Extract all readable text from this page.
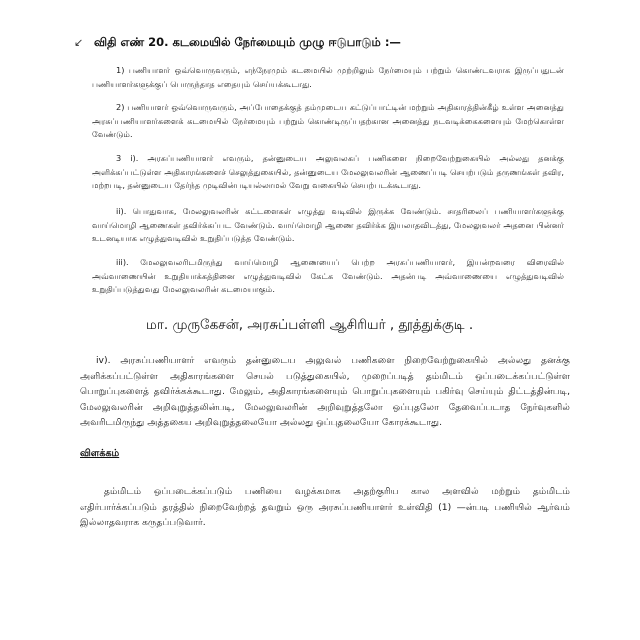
↙ விதி எண் 20. கடமையில் நேர்மையும் முழு ஈடுபாடும் :—
1) பணியாளர் ஒவ்வொருவரும், எந்நேரமும் கடமையில் முற்றிலும் நேர்மையும் பற்றும் கொண்டவராக இருப்பதுடன் பணியாளர்களுக்குப் பொருந்தாத எதையும் செய்யக்கூடாது.
2) பணியாளர் ஒவ்வொருவரும், அப்போதைக்குத் தம்முடைய கட்டுப்பாட்டின் மற்றும் அதிகாரத்தின்கீழ் உள்ள அனைத்து அரசுப்பணியாளர்களைக் கடமையில் நேர்மையும் பற்றும் கொண்டிருப்பதற்கான அனைத்து நடவடிக்கைகளையும் மேற்கொள்ள வேண்டும்.
3 i). அரசுப்பணியாளர் எவரும், தன்னுடைய அலுவலகப் பணிகளை நிறைவேற்றுகையில் அல்லது தனக்கு அளிக்கப்பட்டுள்ள அதிகாரங்களைச் செலுத்துகையில், தன்னுடைய மேலலுவலரின் ஆணைப்படி செயற்படும் தருணங்கள் தவிர, மற்றபடி, தன்னுடைய தேர்ந்த முடிவின்படியல்லாமல் வேறு வகையில் செயற்படக்கூடாது.
ii). பொதுவாக, மேலலுவலரின் கட்டளைகள் எழுத்து வடிவில் இருக்க வேண்டும். சாதரிலைப் பணியாளர்களுக்கு வாய்மொழி ஆணைகள் தவிர்க்கப்பட வேண்டும். வாய்மொழி ஆணை தவிர்க்க இயலாதவிடத்து, மேலலுவலர் அதனை பின்னர் உடனடியாக எழுத்துவடிவில் உறுதிப்படுத்த வேண்டும்.
iii). மேலலுவலரிடமிருந்து வாய்மொழி ஆணையைப் பெற்ற அரசுப்பணியாளர், இயன்றவரை விரைவில் அவ்வாணையின் உறுதியாக்கத்தினை எழுத்துவடிவில் கேட்க வேண்டும். அதன்படி அவ்வாணையை எழுத்துவடிவில் உறுதிப்படுத்துவது மேலலுவலரின் கடமையாகும்.
மா. முருகேசன், அரசுப்பள்ளி ஆசிரியர் , தூத்துக்குடி .
iv). அரசுப்பணியாளர் எவரும் தன்னுடைய அலுவல் பணிகளை நிறைவேற்றுகையில் அல்லது தனக்கு அளிக்கப்பட்டுள்ள அதிகாரங்களை செயல் படுத்துகையில், முறைப்படித் தம்மிடம் ஒப்படைக்கப்பட்டுள்ள பொறுப்புகளைத் தவிர்க்கக்கூடாது. மேலும், அதிகாரங்களையும் பொறுப்புகளையும் பகிர்வு செய்யும் திட்டத்தின்படி, மேலலுவலரின் அறிவுறுத்தலின்படி, மேலலுவலரின் அறிவுறுத்தலோ ஒப்புதலோ தேவைப்படாத நேர்வுகளில் அவரிடமிருந்து அத்தகைய அறிவுறுத்தலையோ அல்லது ஒப்புதலையோ கோரக்கூடாது.
விளக்கம்
தம்மிடம் ஒப்படைக்கப்படும் பணியை வழக்கமாக அதற்குரிய கால அளவில் மற்றும் தம்மிடம் எதிர்பார்க்கப்படும் தரத்தில் நிறைவேற்றத் தவறும் ஒரு அரசுப்பணியாளர் உள்விதி (1) —ன்படி பணியில் ஆர்வம் இல்லாதவராக கருதப்படுவார்.
